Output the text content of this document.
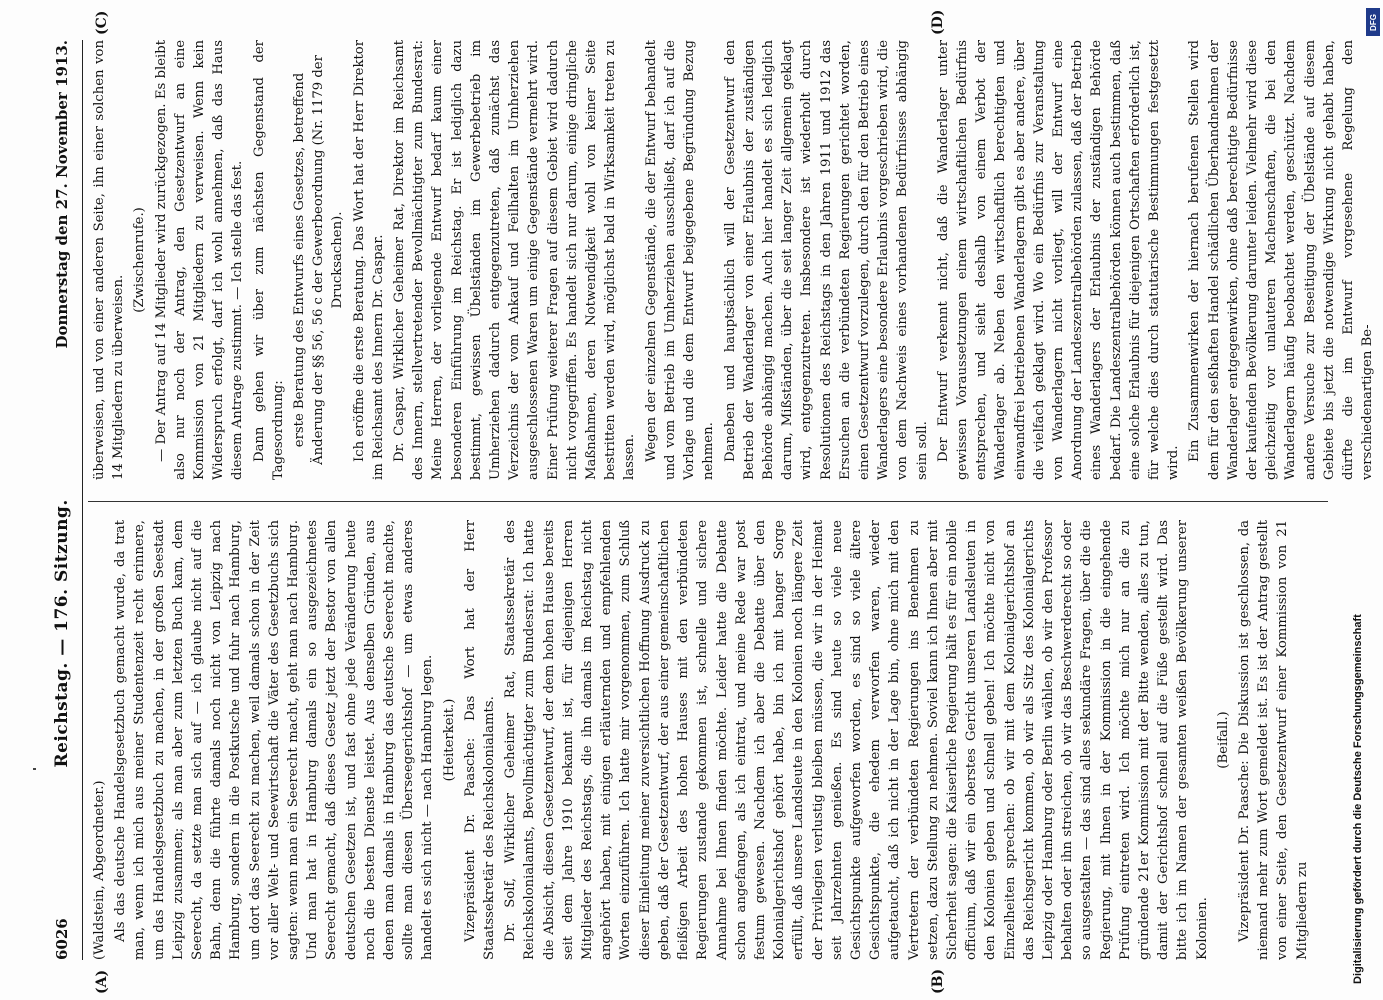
6026
Reichstag. — 176. Sitzung.
Donnerstag den 27. November 1913.

(Waldstein, Abgeordneter.) Als das deutsche Handelsgesetzbuch gemacht wurde, da trat man, wenn ich mich aus meiner Studentenzeit recht erinnere, um das Handelsgesetzbuch zu machen, in der großen Seestadt Leipzig zusammen; als man aber zum letzten Buch kam, dem Seerecht, da setzte man sich auf — ich glaube nicht auf die Bahn, denn die führte damals noch nicht von Leipzig nach Hamburg, sondern in die Postkutsche und fuhr nach Hamburg, um dort das Seerecht zu machen, weil damals schon in der Zeit vor aller Welt- und Seewirtschaft die Väter des Gesetzbuchs sich sagten: wenn man ein Seerecht macht, geht man nach Hamburg. Und man hat in Hamburg damals ein so ausgezeichnetes Seerecht gemacht, daß dieses Gesetz jetzt der Bestor von allen deutschen Gesetzen ist, und fast ohne jede Veränderung heute noch die besten Dienste leistet. Aus denselben Gründen, aus denen man damals in Hamburg das deutsche Seerecht machte, sollte man diesen Überseegerichtshof — um etwas anderes handelt es sich nicht — nach Hamburg legen. (Heiterkeit.) Vizepräsident Dr. Paasche: Das Wort hat der Herr Staatssekretär des Reichskolonialamts. Dr. Solf, Wirklicher Geheimer Rat, Staatssekretär des Reichskolonialamts, Bevollmächtigter zum Bundesrat: Ich hatte die Absicht, diesen Gesetzentwurf, der dem hohen Hause bereits seit dem Jahre 1910 bekannt ist, für diejenigen Herren Mitglieder des Reichstags, die ihn damals im Reichstag nicht angehört haben, mit einigen erläuternden und empfehlenden Worten einzuführen. Ich hatte mir vorgenommen, zum Schluß dieser Einleitung meiner zuversichtlichen Hoffnung Ausdruck zu geben, daß der Gesetzentwurf, der aus einer gemeinschaftlichen fleißigen Arbeit des hohen Hauses mit den verbündeten Regierungen zustande gekommen ist, schnelle und sichere Annahme bei Ihnen finden möchte. Leider hatte die Debatte schon angefangen, als ich eintrat, und meine Rede war post festum gewesen. Nachdem ich aber die Debatte über den Kolonialgerichtshof gehört habe, bin ich mit banger Sorge erfüllt, daß unsere Landsleute in den Kolonien noch längere Zeit der Privilegien verlustig bleiben müssen, die wir in der Heimat seit Jahrzehnten genießen. Es sind heute so viele neue Gesichtspunkte aufgeworfen worden, es sind so viele ältere Gesichtspunkte, die ehedem verworfen waren, wieder aufgetaucht, daß ich nicht in der Lage bin, ohne mich mit den Vertretern der verbündeten Regierungen ins Benehmen zu setzen, dazu Stellung zu nehmen. Soviel kann ich Ihnen aber mit Sicherheit sagen: die Kaiserliche Regierung hält es für ein nobile officium, daß wir ein oberstes Gericht unseren Landsleuten in den Kolonien geben und schnell geben! Ich möchte nicht von Einzelheiten sprechen: ob wir mit dem Kolonialgerichtshof an das Reichsgericht kommen, ob wir als Sitz des Kolonialgerichts Leipzig oder Hamburg oder Berlin wählen, ob wir den Professor behalten oder ihn streichen, ob wir das Beschwerderecht so oder so ausgestalten — das sind alles sekundäre Fragen, über die die Regierung, mit Ihnen in der Kommission in die eingehende Prüfung eintreten wird. Ich möchte mich nur an die zu gründende 21er Kommission mit der Bitte wenden, alles zu tun, damit der Gerichtshof schnell auf die Füße gestellt wird. Das bitte ich im Namen der gesamten weißen Bevölkerung unserer Kolonien.

(Beifall.) Vizepräsident Dr. Paasche: Die Diskussion ist geschlossen, da niemand mehr zum Wort gemeldet ist. Es ist der Antrag gestellt von einer Seite, den Gesetzentwurf einer Kommission von 21 Mitgliedern zu

überweisen, und von einer anderen Seite, ihn einer solchen von 14 Mitgliedern zu überweisen.

(Zwischenrufe.) — Der Antrag auf 14 Mitglieder wird zurückgezogen. Es bleibt also nur noch der Antrag, den Gesetzentwurf an eine Kommission von 21 Mitgliedern zu verweisen. Wenn kein Widerspruch erfolgt, darf ich wohl annehmen, daß das Haus diesem Antrage zustimmt. — Ich stelle das fest. Dann gehen wir über zum nächsten Gegenstand der Tagesordnung: erste Beratung des Entwurfs eines Gesetzes, betreffend Änderung der §§ 56, 56 c der Gewerbeordnung (Nr. 1179 der Drucksachen). Ich eröffne die erste Beratung. Das Wort hat der Herr Direktor im Reichsamt des Innern Dr. Caspar. Dr. Caspar, Wirklicher Geheimer Rat, Direktor im Reichsamt des Innern, stellvertretender Bevollmächtigter zum Bundesrat: Meine Herren, der vorliegende Entwurf bedarf kaum einer besonderen Einführung im Reichstag. Er ist lediglich dazu bestimmt, gewissen Übelständen im Gewerbebetrieb im Umherziehen dadurch entgegenzutreten, daß zunächst das Verzeichnis der vom Ankauf und Feilhalten im Umherziehen ausgeschlossenen Waren um einige Gegenstände vermehrt wird. Einer Prüfung weiterer Fragen auf diesem Gebiet wird dadurch nicht vorgegriffen. Es handelt sich nur darum, einige dringliche Maßnahmen, deren Notwendigkeit wohl von keiner Seite bestritten werden wird, möglichst bald in Wirksamkeit treten zu lassen. Wegen der einzelnen Gegenstände, die der Entwurf behandelt und vom Betrieb im Umherziehen ausschließt, darf ich auf die Vorlage und die dem Entwurf beigegebene Begründung Bezug nehmen. Daneben und hauptsächlich will der Gesetzentwurf den Betrieb der Wanderlager von einer Erlaubnis der zuständigen Behörde abhängig machen. Auch hier handelt es sich lediglich darum, Mißständen, über die seit langer Zeit allgemein geklagt wird, entgegenzutreten. Insbesondere ist wiederholt durch Resolutionen des Reichstags in den Jahren 1911 und 1912 das Ersuchen an die verbündeten Regierungen gerichtet worden, einen Gesetzentwurf vorzulegen, durch den für den Betrieb eines Wanderlagers eine besondere Erlaubnis vorgeschrieben wird, die von dem Nachweis eines vorhandenen Bedürfnisses abhängig sein soll. Der Entwurf verkennt nicht, daß die Wanderlager unter gewissen Voraussetzungen einem wirtschaftlichen Bedürfnis entsprechen, und sieht deshalb von einem Verbot der Wanderlager ab. Neben den wirtschaftlich berechtigten und einwandfrei betriebenen Wanderlagern gibt es aber andere, über die vielfach geklagt wird. Wo ein Bedürfnis zur Veranstaltung von Wanderlagern nicht vorliegt, will der Entwurf eine Anordnung der Landeszentralbehörden zulassen, daß der Betrieb eines Wanderlagers der Erlaubnis der zuständigen Behörde bedarf. Die Landeszentralbehörden können auch bestimmen, daß eine solche Erlaubnis für diejenigen Ortschaften erforderlich ist, für welche dies durch statutarische Bestimmungen festgesetzt wird.

Ein Zusammenwirken der hiernach berufenen Stellen wird dem für den seßhaften Handel schädlichen Überhandnehmen der Wanderlager entgegenwirken, ohne daß berechtigte Bedürfnisse der kaufenden Bevölkerung darunter leiden. Vielmehr wird diese gleichzeitig vor unlauteren Machenschaften, die bei den Wanderlagern häufig beobachtet werden, geschützt. Nachdem andere Versuche zur Beseitigung der Übelstände auf diesem Gebiete bis jetzt die notwendige Wirkung nicht gehabt haben, dürfte die im Entwurf vorgesehene Regelung den verschiedenartigen Be-

(A)	(B)
(C)	(D)
Digitalisierung gefördert durch die Deutsche Forschungsgemeinschaft
DFG
